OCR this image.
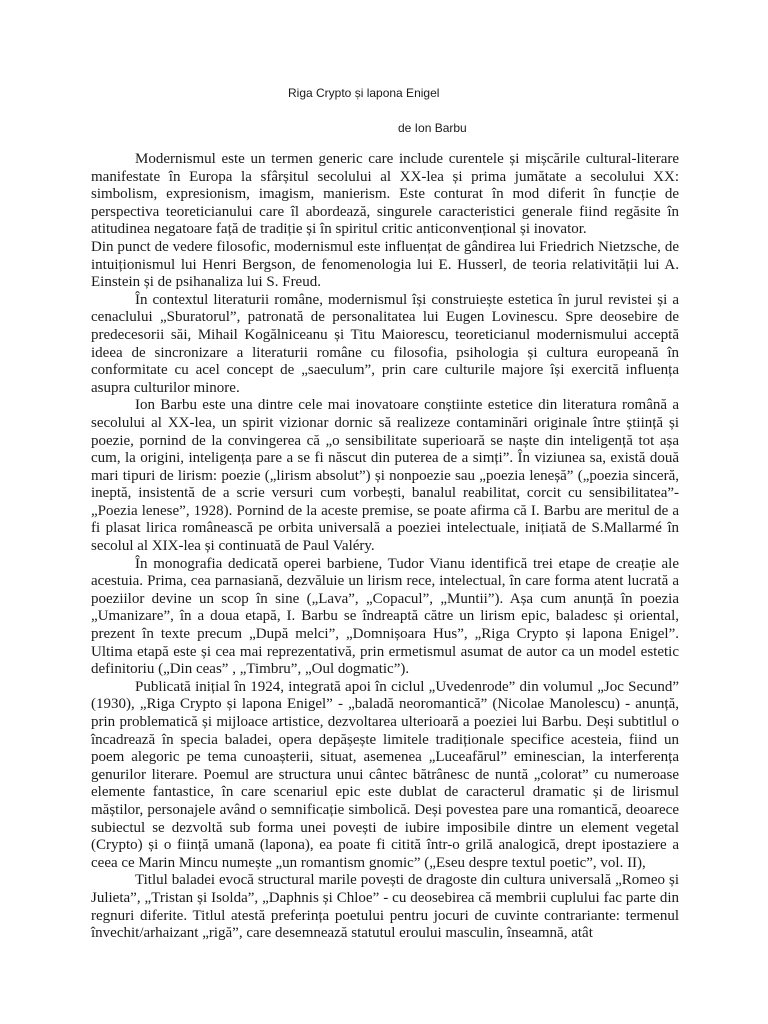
Riga Crypto și lapona Enigel

de Ion Barbu

Modernismul este un termen generic care include curentele și mișcările cultural-literare manifestate în Europa la sfârșitul secolului al XX-lea și prima jumătate a secolului XX: simbolism, expresionism, imagism, manierism. Este conturat în mod diferit în funcție de perspectiva teoreticianului care îl abordează, singurele caracteristici generale fiind regăsite în atitudinea negatoare față de tradiție și în spiritul critic anticonvențional și inovator.

Din punct de vedere filosofic, modernismul este influențat de gândirea lui Friedrich Nietzsche, de intuiționismul lui Henri Bergson, de fenomenologia lui E. Husserl, de teoria relativității lui A. Einstein și de psihanaliza lui S. Freud.

În contextul literaturii române, modernismul își construiește estetica în jurul revistei și a cenaclului „Sburatorul”, patronată de personalitatea lui Eugen Lovinescu. Spre deosebire de predecesorii săi, Mihail Kogălniceanu și Titu Maiorescu, teoreticianul modernismului acceptă ideea de sincronizare a literaturii române cu filosofia, psihologia și cultura europeană în conformitate cu acel concept de „saeculum”, prin care culturile majore își exercită influența asupra culturilor minore.

Ion Barbu este una dintre cele mai inovatoare conștiinte estetice din literatura română a secolului al XX-lea, un spirit vizionar dornic să realizeze contaminări originale între știință și poezie, pornind de la convingerea că „o sensibilitate superioară se naște din inteligență tot așa cum, la origini, inteligența pare a se fi născut din puterea de a simți”. În viziunea sa, există două mari tipuri de lirism: poezie („lirism absolut”) și nonpoezie sau „poezia leneșă” („poezia sinceră, ineptă, insistentă de a scrie versuri cum vorbești, banalul reabilitat, corcit cu sensibilitatea”- „Poezia lenese”, 1928). Pornind de la aceste premise, se poate afirma că I. Barbu are meritul de a fi plasat lirica românească pe orbita universală a poeziei intelectuale, inițiată de S.Mallarmé în secolul al XIX-lea și continuată de Paul Valéry.

În monografia dedicată operei barbiene, Tudor Vianu identifică trei etape de creație ale acestuia. Prima, cea parnasiană, dezvăluie un lirism rece, intelectual, în care forma atent lucrată a poeziilor devine un scop în sine („Lava”, „Copacul”, „Muntii”). Așa cum anunță în poezia „Umanizare”, în a doua etapă, I. Barbu se îndreaptă către un lirism epic, baladesc și oriental, prezent în texte precum „După melci”, „Domnișoara Hus”, „Riga Crypto și lapona Enigel”. Ultima etapă este și cea mai reprezentativă, prin ermetismul asumat de autor ca un model estetic definitoriu („Din ceas” , „Timbru”, „Oul dogmatic”).

Publicată inițial în 1924, integrată apoi în ciclul „Uvedenrode” din volumul „Joc Secund” (1930), „Riga Crypto și lapona Enigel” - „baladă neoromantică” (Nicolae Manolescu) - anunță, prin problematică și mijloace artistice, dezvoltarea ulterioară a poeziei lui Barbu. Deși subtitlul o încadrează în specia baladei, opera depășește limitele tradiționale specifice acesteia, fiind un poem alegoric pe tema cunoașterii, situat, asemenea „Luceafărul” eminescian, la interferența genurilor literare. Poemul are structura unui cântec bătrânesc de nuntă „colorat” cu numeroase elemente fantastice, în care scenariul epic este dublat de caracterul dramatic și de lirismul măștilor, personajele având o semnificație simbolică. Deși povestea pare una romantică, deoarece subiectul se dezvoltă sub forma unei povești de iubire imposibile dintre un element vegetal (Crypto) și o ființă umană (lapona), ea poate fi citită într-o grilă analogică, drept ipostaziere a ceea ce Marin Mincu numește „un romantism gnomic” („Eseu despre textul poetic”, vol. II),

Titlul baladei evocă structural marile povești de dragoste din cultura universală „Romeo și Julieta”, „Tristan și Isolda”, „Daphnis și Chloe” - cu deosebirea că membrii cuplului fac parte din regnuri diferite. Titlul atestă preferința poetului pentru jocuri de cuvinte contrariante: termenul învechit/arhaizant „rigă”, care desemnează statutul eroului masculin, înseamnă, atât
